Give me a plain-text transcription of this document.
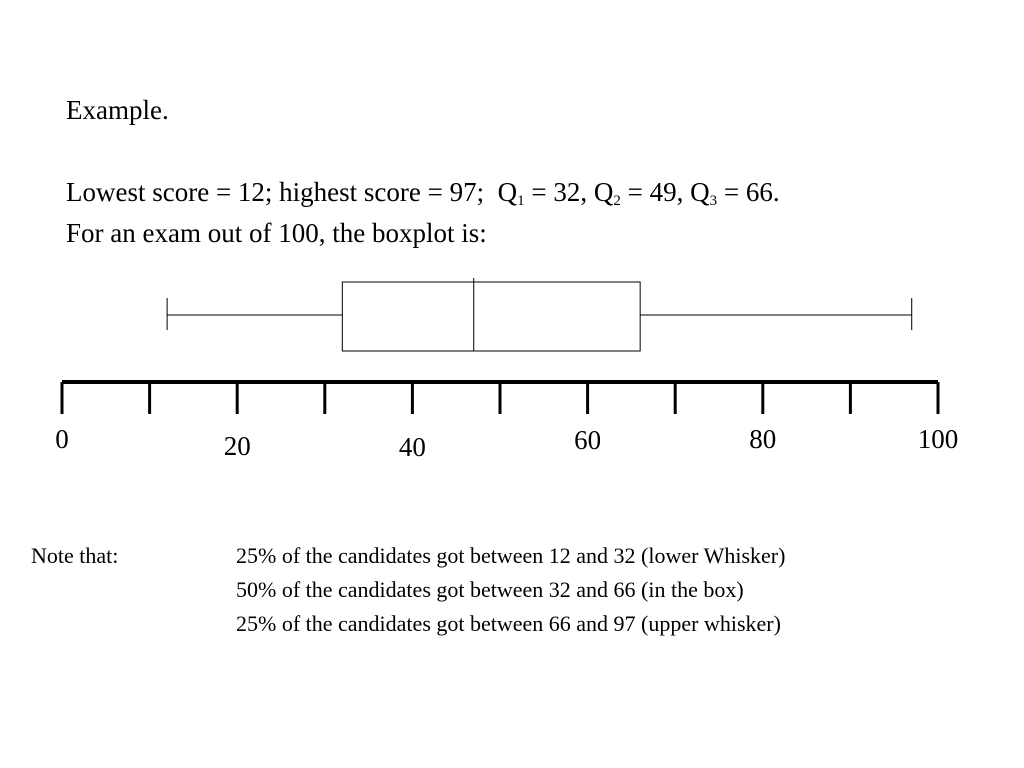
Example.
Lowest score = 12; highest score = 97; $Q_1 = 32$, $Q_2 = 49$, $Q_3 = 66$.
For an exam out of 100, the boxplot is:
0	20	40	60	80	100
Note that:	25% of the candidates got between 12 and 32 (lower Whisker)
50% of the candidates got between 32 and 66 (in the box)
25% of the candidates got between 66 and 97 (upper whisker)
